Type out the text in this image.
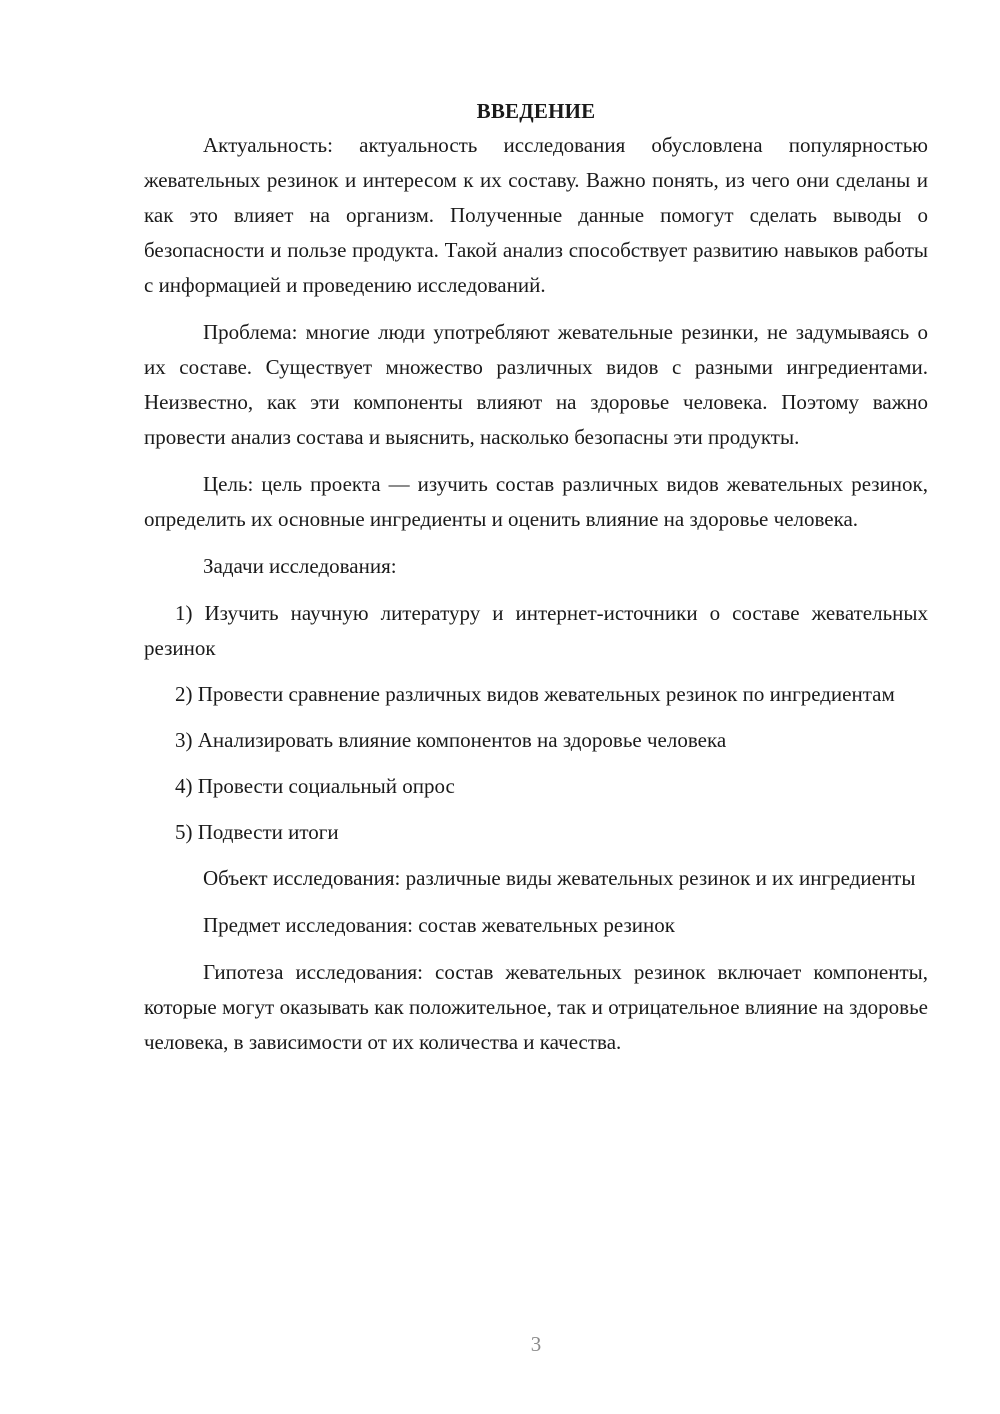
ВВЕДЕНИЕ

Актуальность: актуальность исследования обусловлена популярностью жевательных резинок и интересом к их составу. Важно понять, из чего они сделаны и как это влияет на организм. Полученные данные помогут сделать выводы о безопасности и пользе продукта. Такой анализ способствует развитию навыков работы с информацией и проведению исследований.

Проблема: многие люди употребляют жевательные резинки, не задумываясь о их составе. Существует множество различных видов с разными ингредиентами. Неизвестно, как эти компоненты влияют на здоровье человека. Поэтому важно провести анализ состава и выяснить, насколько безопасны эти продукты.

Цель: цель проекта — изучить состав различных видов жевательных резинок, определить их основные ингредиенты и оценить влияние на здоровье человека.

Задачи исследования:

1) Изучить научную литературу и интернет-источники о составе жевательных резинок

2) Провести сравнение различных видов жевательных резинок по ингредиентам

3) Анализировать влияние компонентов на здоровье человека

4) Провести социальный опрос

5) Подвести итоги

Объект исследования: различные виды жевательных резинок и их ингредиенты

Предмет исследования: состав жевательных резинок

Гипотеза исследования: состав жевательных резинок включает компоненты, которые могут оказывать как положительное, так и отрицательное влияние на здоровье человека, в зависимости от их количества и качества.

3
